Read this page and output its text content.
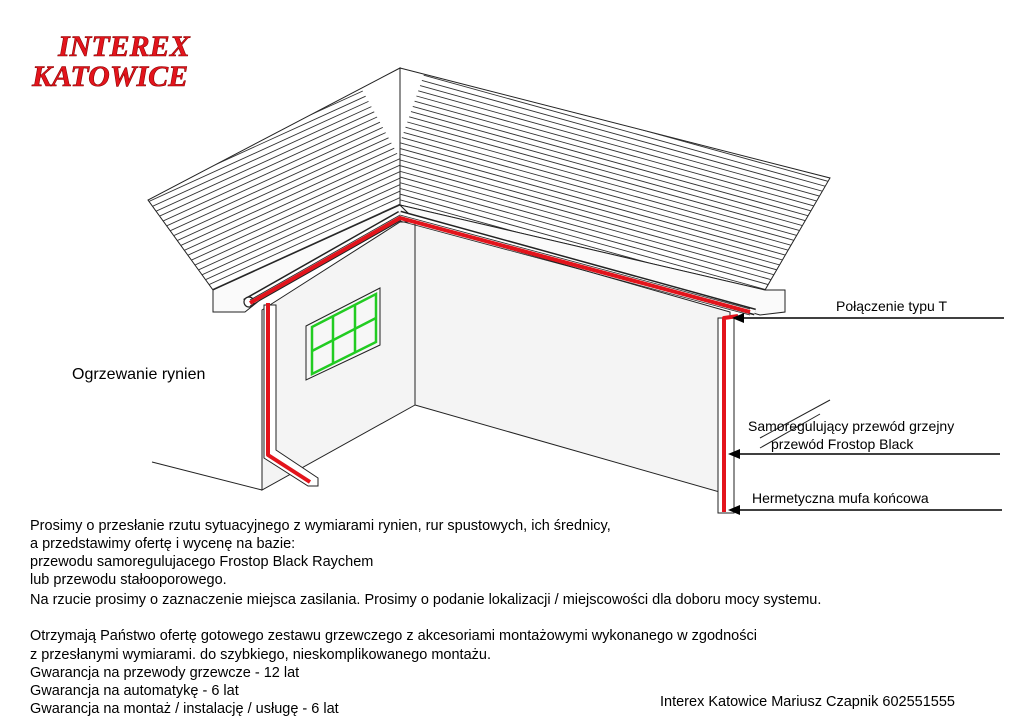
INTEREX
KATOWICE
Połączenie typu T
Samoregulujący przewód grzejny
przewód Frostop Black
Hermetyczna mufa końcowa
Ogrzewanie rynien
Prosimy o przesłanie rzutu sytuacyjnego z wymiarami rynien, rur spustowych, ich średnicy,
a przedstawimy ofertę i wycenę na bazie:
przewodu samoregulujacego Frostop Black Raychem
lub przewodu stałooporowego.
Na rzucie prosimy o zaznaczenie miejsca zasilania. Prosimy o podanie lokalizacji / miejscowości dla doboru mocy systemu.
Otrzymają Państwo ofertę gotowego zestawu grzewczego z akcesoriami montażowymi wykonanego w zgodności
z przesłanymi wymiarami. do szybkiego, nieskomplikowanego montażu.
Gwarancja na przewody grzewcze - 12 lat
Gwarancja na automatykę - 6 lat
Gwarancja na montaż / instalację / usługę - 6 lat	Interex Katowice Mariusz Czapnik 602551555
